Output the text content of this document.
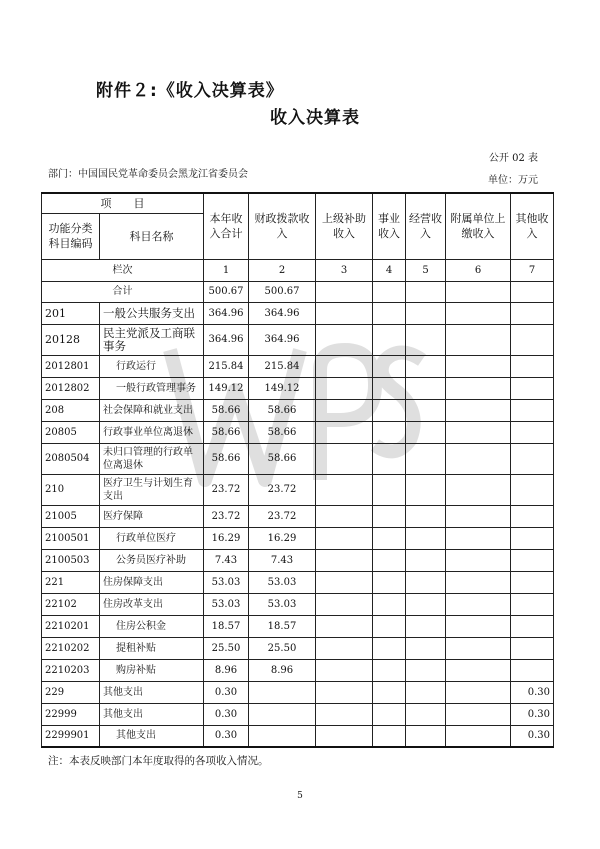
附件２:《收入决算表》
收入决算表
公开 02 表
部门：中国国民党革命委员会黑龙江省委员会
单位：万元
项　　目		本年收入合计	财政拨款收入	上级补助收入	事业收入	经营收入	附属单位上缴收入	其他收入
功能分类科目编码	科目名称							
栏次		1	2	3	4	5	6	7
合计		500.67	500.67					
201	一般公共服务支出	364.96	364.96					
20128	民主党派及工商联事务	364.96	364.96					
2012801	行政运行	215.84	215.84					
2012802	一般行政管理事务	149.12	149.12					
208	社会保障和就业支出	58.66	58.66					
20805	行政事业单位离退休	58.66	58.66					
2080504	未归口管理的行政单位离退休	58.66	58.66					
210	医疗卫生与计划生育支出	23.72	23.72					
21005	医疗保障	23.72	23.72					
2100501	行政单位医疗	16.29	16.29					
2100503	公务员医疗补助	7.43	7.43					
221	住房保障支出	53.03	53.03					
22102	住房改革支出	53.03	53.03					
2210201	住房公积金	18.57	18.57					
2210202	提租补贴	25.50	25.50					
2210203	购房补贴	8.96	8.96					
229	其他支出	0.30						0.30
22999	其他支出	0.30						0.30
2299901	其他支出	0.30						0.30
注：本表反映部门本年度取得的各项收入情况。
5
